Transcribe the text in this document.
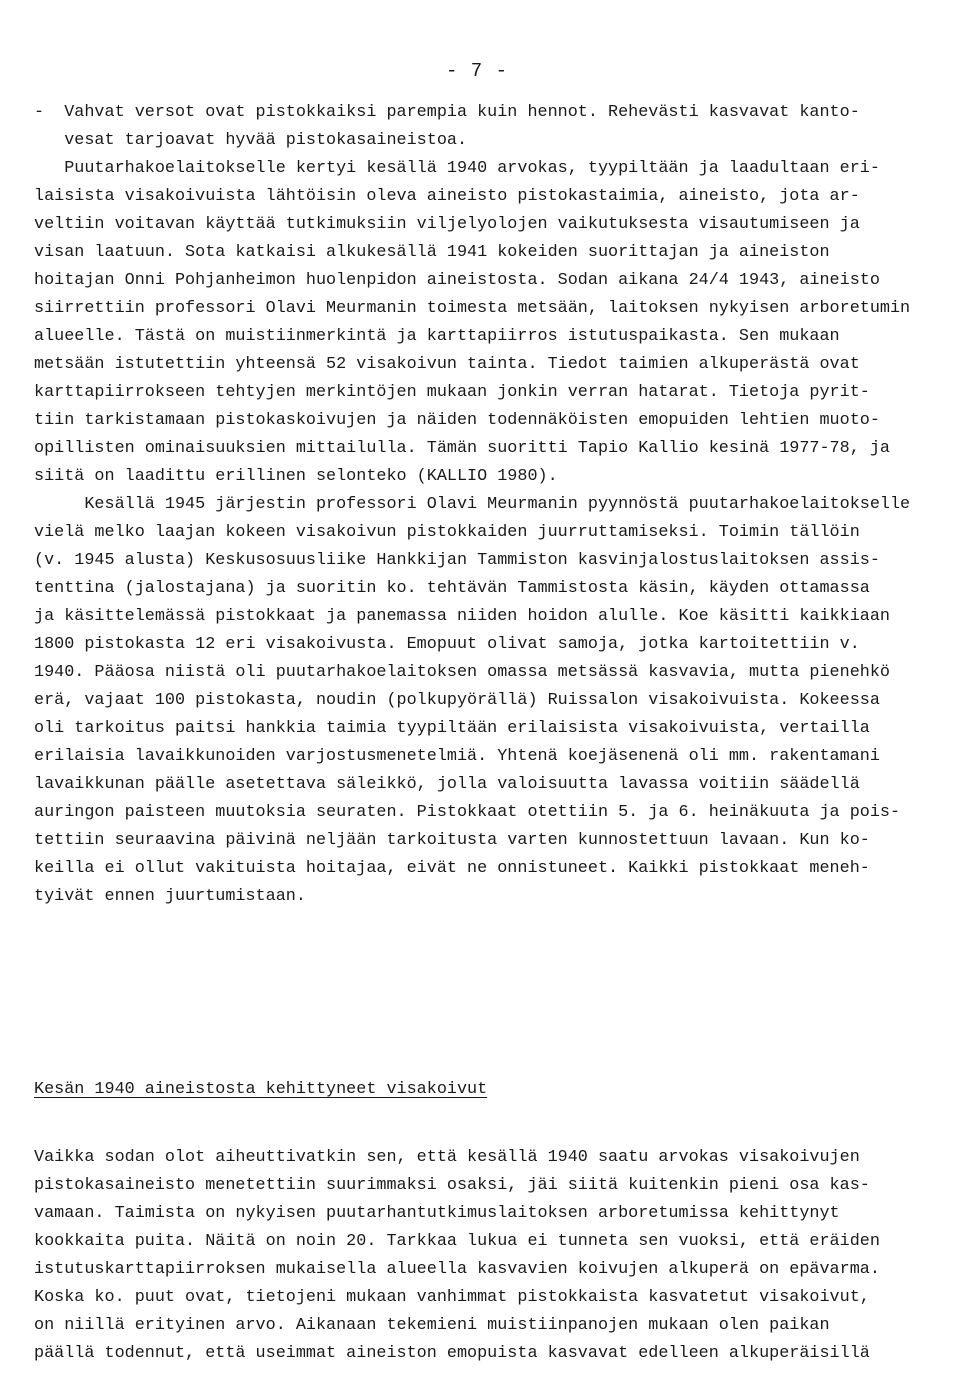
- 7 -
-  Vahvat versot ovat pistokkaiksi parempia kuin hennot. Rehevästi kasvavat kanto-
vesat tarjoavat hyvää pistokasaineistoa.
Puutarhakoelaitokselle kertyi kesällä 1940 arvokas, tyypiltään ja laadultaan eri-
laisista visakoivuista lähtöisin oleva aineisto pistokastaimia, aineisto, jota ar-
veltiin voitavan käyttää tutkimuksiin viljelyolojen vaikutuksesta visautumiseen ja
visan laatuun. Sota katkaisi alkukesällä 1941 kokeiden suorittajan ja aineiston
hoitajan Onni Pohjanheimon huolenpidon aineistosta. Sodan aikana 24/4 1943, aineisto
siirrettiin professori Olavi Meurmanin toimesta metsään, laitoksen nykyisen arboretumin
alueelle. Tästä on muistiinmerkintä ja karttapiirros istutuspaikasta. Sen mukaan
metsään istutettiin yhteensä 52 visakoivun tainta. Tiedot taimien alkuperästä ovat
karttapiirrokseen tehtyjen merkintöjen mukaan jonkin verran hatarat. Tietoja pyrit-
tiin tarkistamaan pistokaskoivujen ja näiden todennäköisten emopuiden lehtien muoto-
opillisten ominaisuuksien mittailulla. Tämän suoritti Tapio Kallio kesinä 1977-78, ja
siitä on laadittu erillinen selonteko (KALLIO 1980).
Kesällä 1945 järjestin professori Olavi Meurmanin pyynnöstä puutarhakoelaitokselle
vielä melko laajan kokeen visakoivun pistokkaiden juurruttamiseksi. Toimin tällöin
(v. 1945 alusta) Keskusosuusliike Hankkijan Tammiston kasvinjalostuslaitoksen assis-
tenttina (jalostajana) ja suoritin ko. tehtävän Tammistosta käsin, käyden ottamassa
ja käsittelemässä pistokkaat ja panemassa niiden hoidon alulle. Koe käsitti kaikkiaan
1800 pistokasta 12 eri visakoivusta. Emopuut olivat samoja, jotka kartoitettiin v.
1940. Pääosa niistä oli puutarhakoelaitoksen omassa metsässä kasvavia, mutta pienehkö
erä, vajaat 100 pistokasta, noudin (polkupyörällä) Ruissalon visakoivuista. Kokeessa
oli tarkoitus paitsi hankkia taimia tyypiltään erilaisista visakoivuista, vertailla
erilaisia lavaikkunoiden varjostusmenetelmiä. Yhtenä koejäsenenä oli mm. rakentamani
lavaikkunan päälle asetettava säleikkö, jolla valoisuutta lavassa voitiin säädellä
auringon paisteen muutoksia seuraten. Pistokkaat otettiin 5. ja 6. heinäkuuta ja pois-
tettiin seuraavina päivinä neljään tarkoitusta varten kunnostettuun lavaan. Kun ko-
keilla ei ollut vakituista hoitajaa, eivät ne onnistuneet. Kaikki pistokkaat meneh-
tyivät ennen juurtumistaan.
Kesän 1940 aineistosta kehittyneet visakoivut
Vaikka sodan olot aiheuttivatkin sen, että kesällä 1940 saatu arvokas visakoivujen
pistokasaineisto menetettiin suurimmaksi osaksi, jäi siitä kuitenkin pieni osa kas-
vamaan. Taimista on nykyisen puutarhantutkimuslaitoksen arboretumissa kehittynyt
kookkaita puita. Näitä on noin 20. Tarkkaa lukua ei tunneta sen vuoksi, että eräiden
istutuskarttapiirroksen mukaisella alueella kasvavien koivujen alkuperä on epävarma.
Koska ko. puut ovat, tietojeni mukaan vanhimmat pistokkaista kasvatetut visakoivut,
on niillä erityinen arvo. Aikanaan tekemieni muistiinpanojen mukaan olen paikan
päällä todennut, että useimmat aineiston emopuista kasvavat edelleen alkuperäisillä
